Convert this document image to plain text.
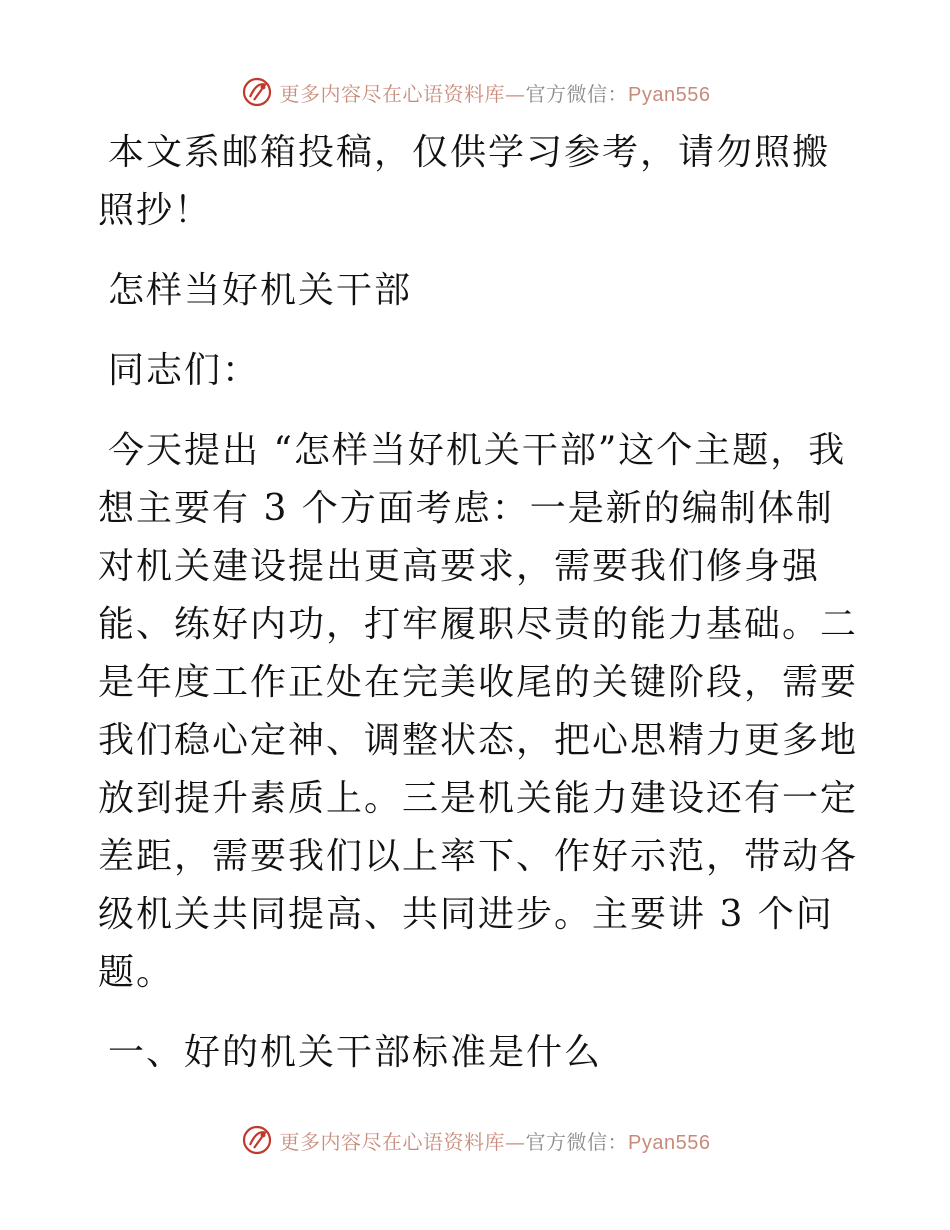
更多内容尽在心语资料库—官方微信：Pyan556

本文系邮箱投稿，仅供学习参考，请勿照搬照抄！

怎样当好机关干部

同志们：

今天提出 “怎样当好机关干部”这个主题，我想主要有 3 个方面考虑：一是新的编制体制对机关建设提出更高要求，需要我们修身强能、练好内功，打牢履职尽责的能力基础。二是年度工作正处在完美收尾的关键阶段，需要我们稳心定神、调整状态，把心思精力更多地放到提升素质上。三是机关能力建设还有一定差距，需要我们以上率下、作好示范，带动各级机关共同提高、共同进步。主要讲 3 个问题。

一、好的机关干部标准是什么

更多内容尽在心语资料库—官方微信：Pyan556
